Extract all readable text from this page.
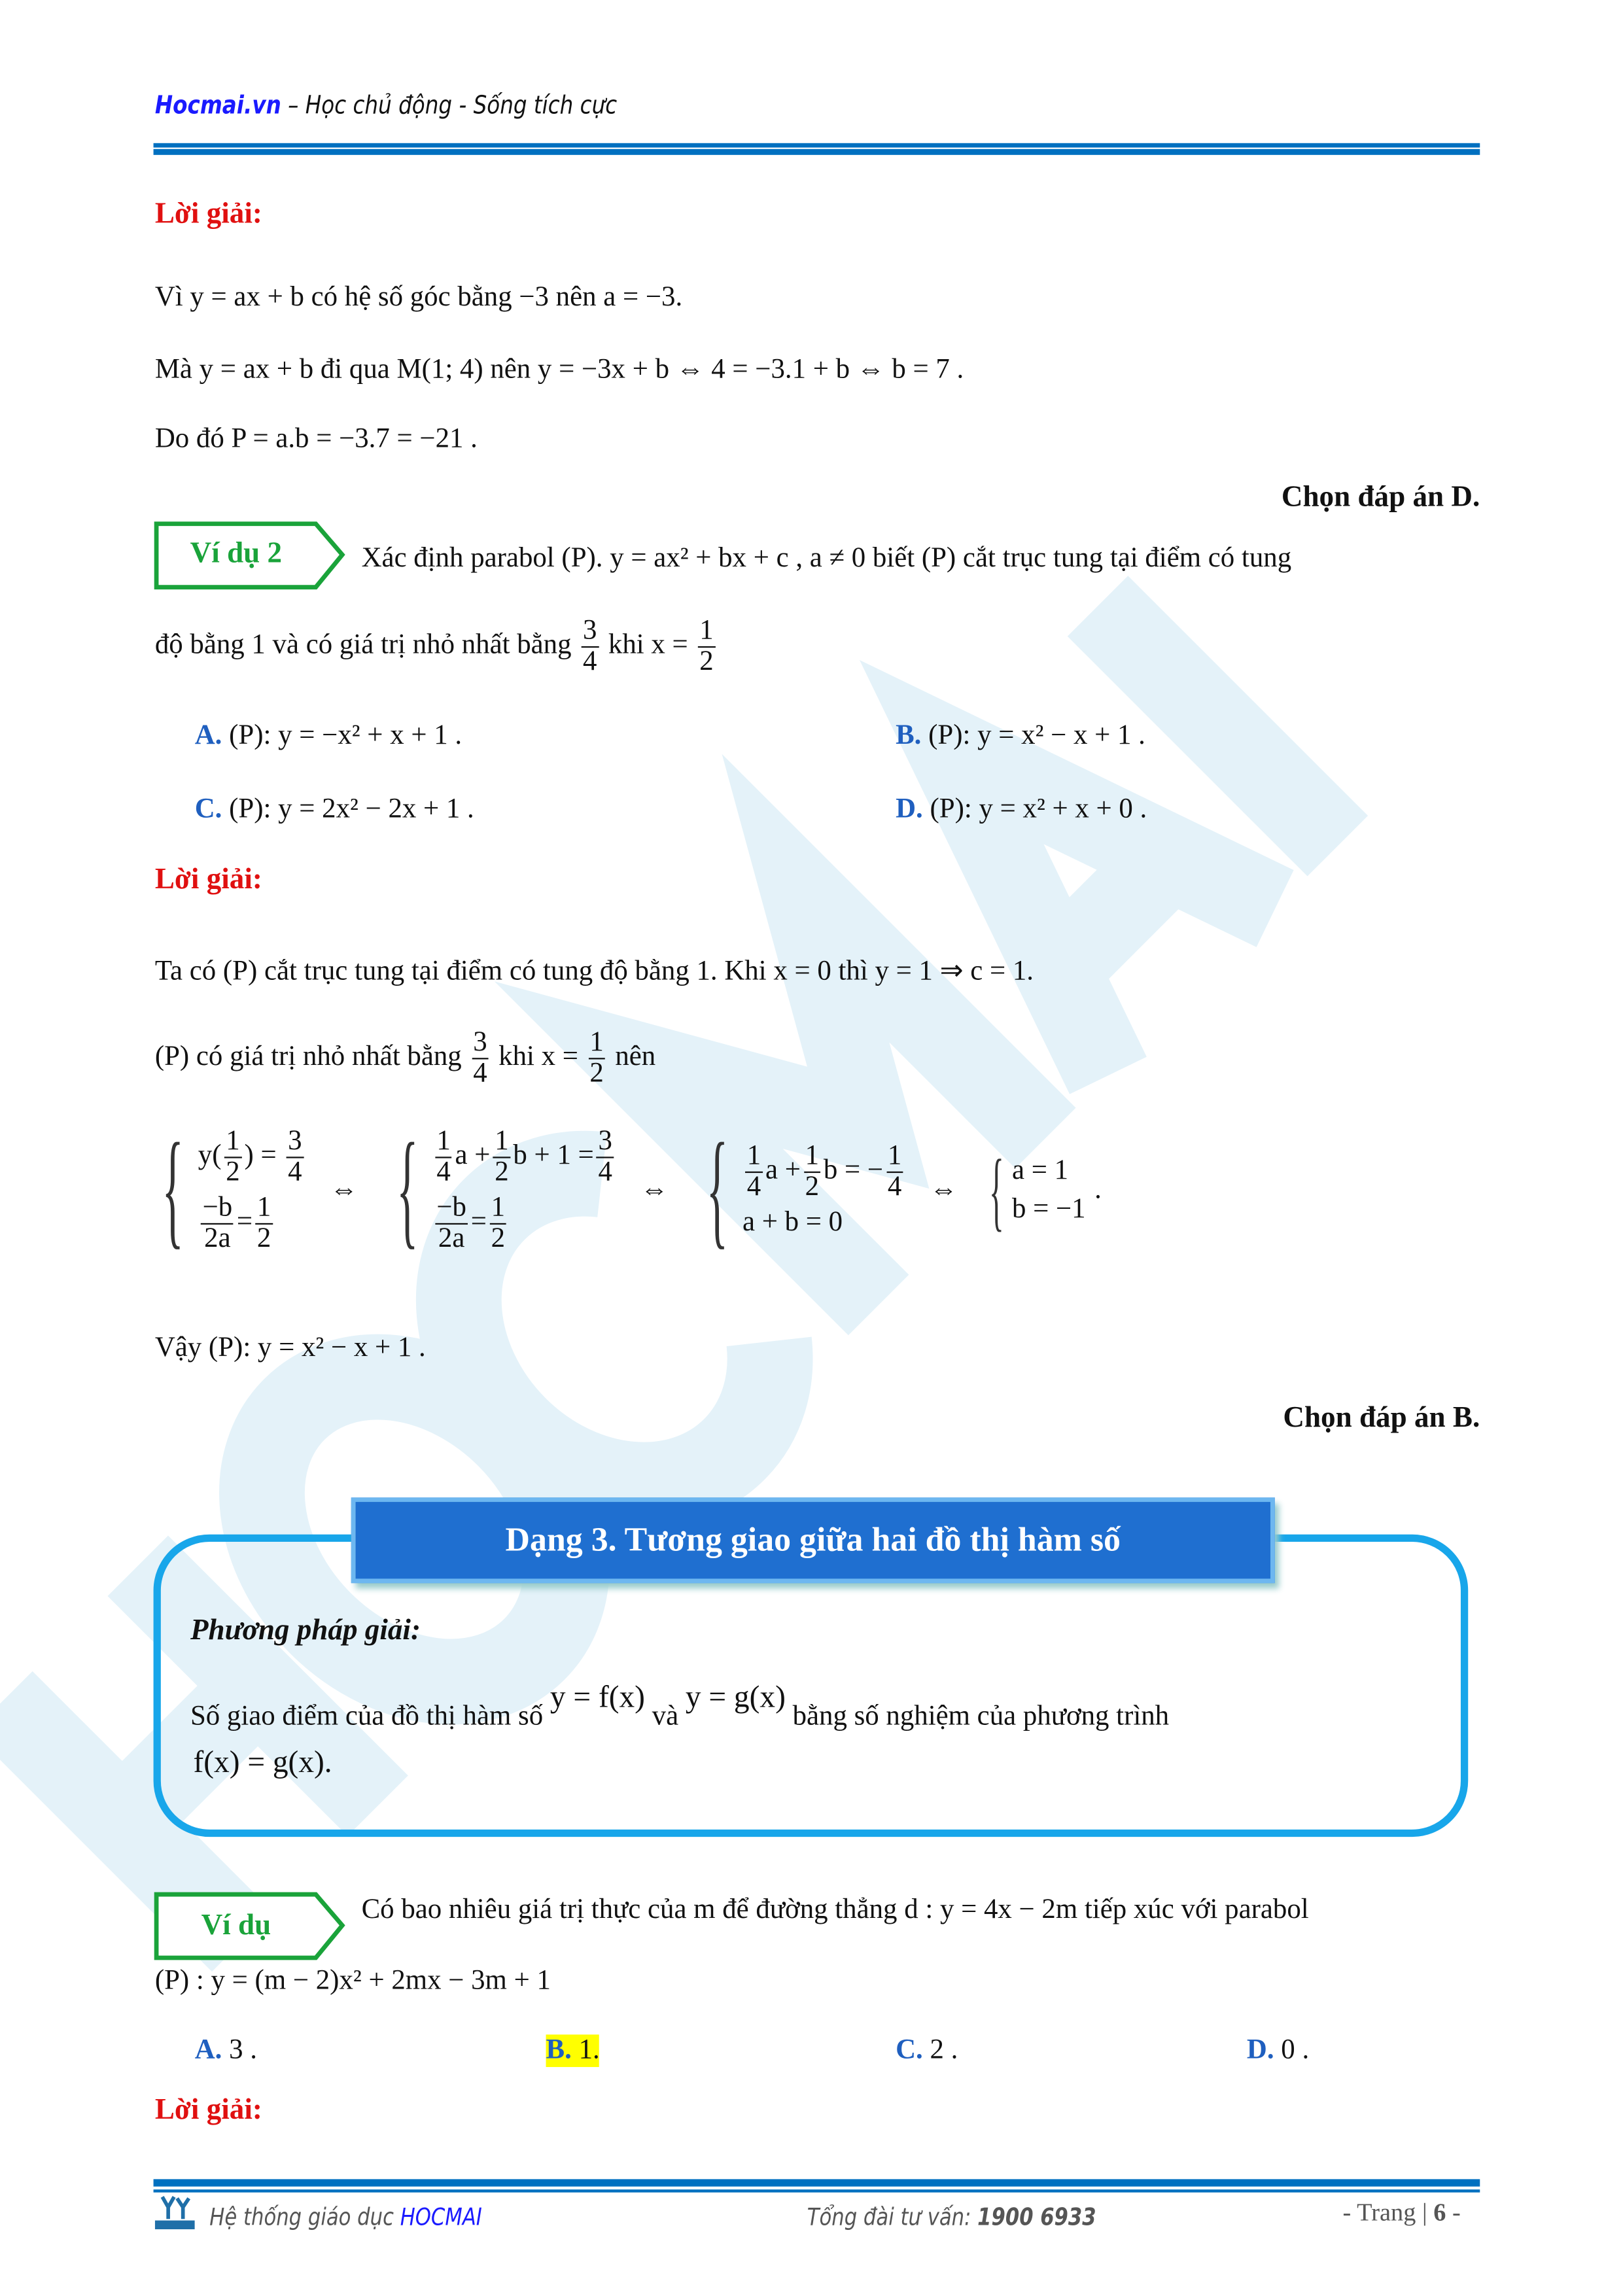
Hocmai.vn – Học chủ động - Sống tích cực
Lời giải:
Vì y = ax + b có hệ số góc bằng −3 nên a = −3.
Mà y = ax + b đi qua M(1; 4) nên y = −3x + b ⇔ 4 = −3.1 + b ⇔ b = 7 .
Do đó P = a.b = −3.7 = −21 .
Chọn đáp án D.
Ví dụ 2	Xác định parabol (P). y = ax² + bx + c , a ≠ 0 biết (P) cắt trục tung tại điểm có tung
độ bằng 1 và có giá trị nhỏ nhất bằng $\frac{3}{4}$ khi $x = \frac{1}{2}$
A. (P): y = −x² + x + 1 .	B. (P): y = x² − x + 1 .
C. (P): y = 2x² − 2x + 1 .	D. (P): y = x² + x + 0 .
Lời giải:
Ta có (P) cắt trục tung tại điểm có tung độ bằng 1. Khi x = 0 thì y = 1 ⇒ c = 1.
(P) có giá trị nhỏ nhất bằng $\frac{3}{4}$ khi $x = \frac{1}{2}$ nên
{ $y( \frac{1}{2}$ ) = $\frac{3}{4}$
$\frac{-b}{2a} = \frac{1}{2}$
⇔ { $\frac{1}{4}$ $a + \frac{1}{2}$ $b + 1 = \frac{3}{4}$
$\frac{-b}{2a} = \frac{1}{2}$
⇔ { $\frac{1}{4}$ $a + \frac{1}{2}$ b = − $\frac{1}{4}$
a + b = 0
⇔ { a = 1
b = −1
.
Vậy (P): y = x² − x + 1 .
Chọn đáp án B.
Dạng 3. Tương giao giữa hai đồ thị hàm số
Phương pháp giải:
Số giao điểm của đồ thị hàm số y = f(x) và y = g(x) bằng số nghiệm của phương trình
f(x) = g(x).
Ví dụ	Có bao nhiêu giá trị thực của m để đường thẳng d : y = 4x − 2m tiếp xúc với parabol
(P) : y = (m − 2)x² + 2mx − 3m + 1
A. 3 .	B. 1.	C. 2 .	D. 0 .
Lời giải:
Hệ thống giáo dục HOCMAI	Tổng đài tư vấn: 1900 6933	- Trang | 6 -
